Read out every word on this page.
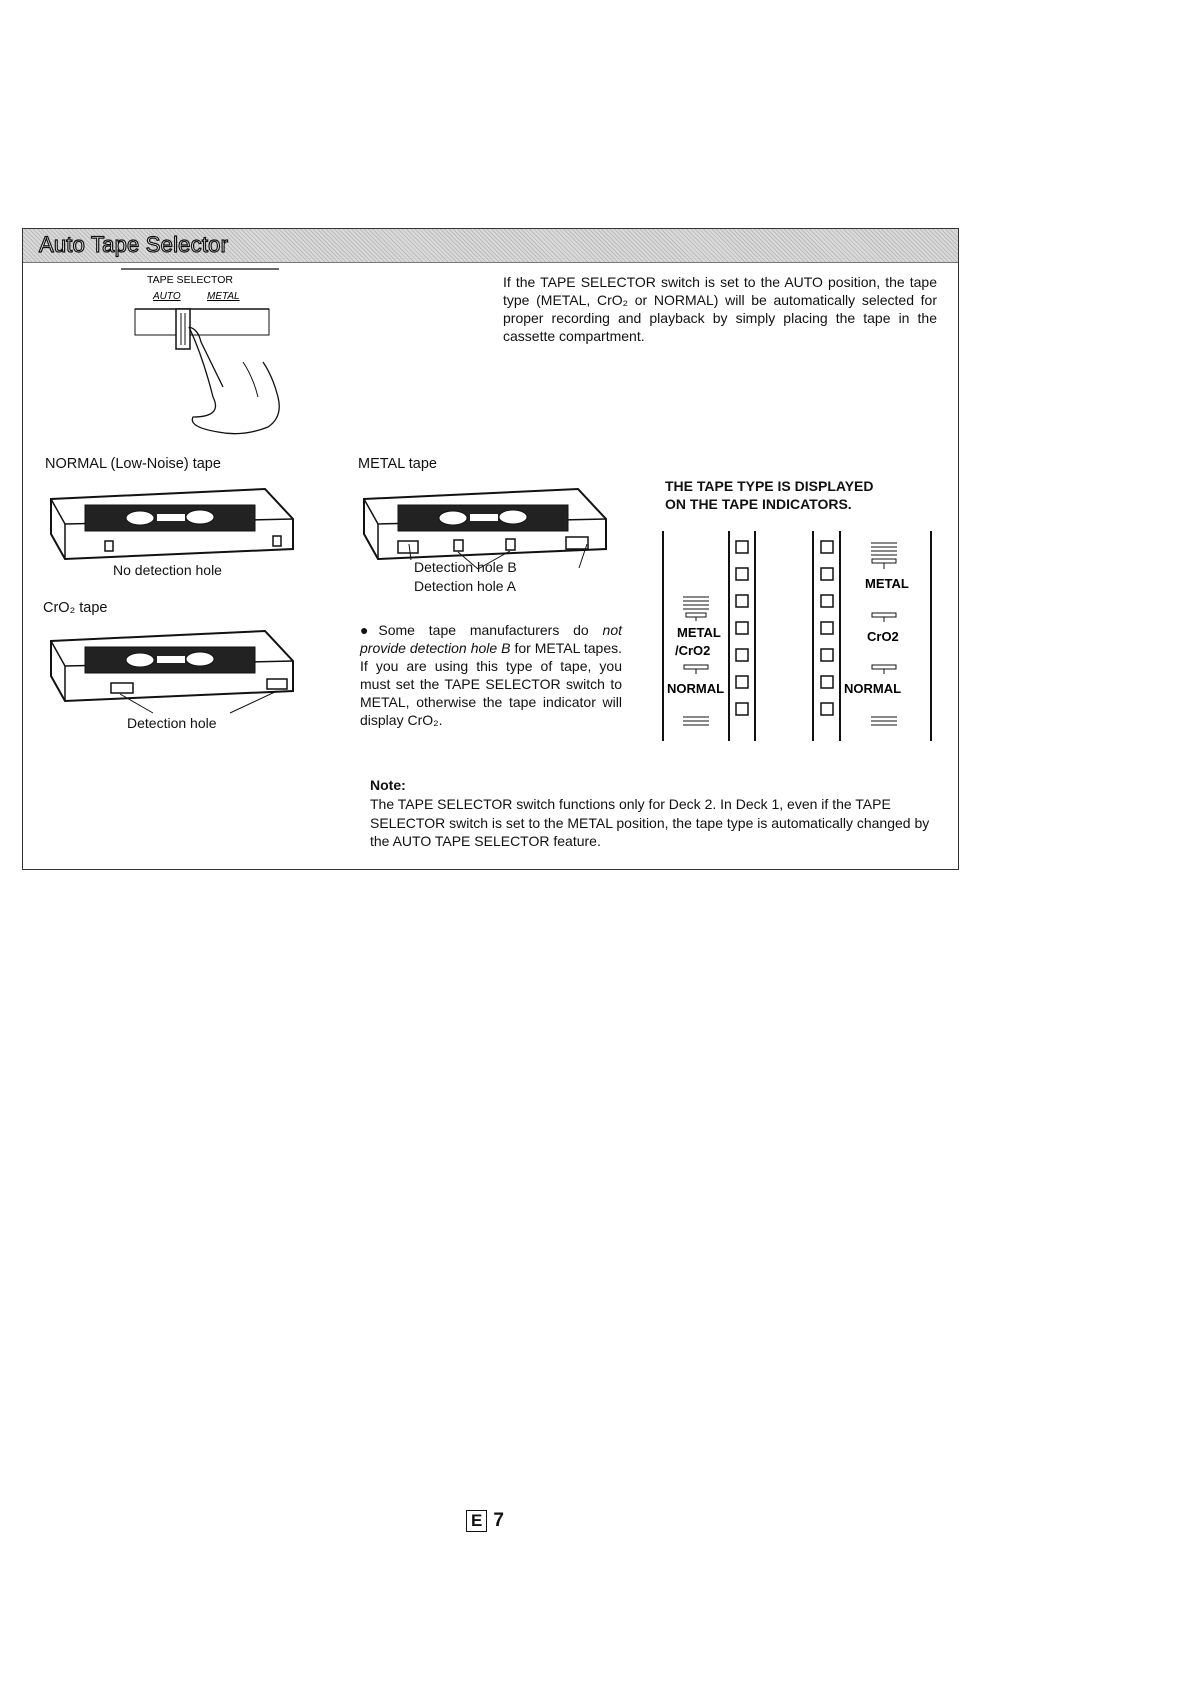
Auto Tape Selector
TAPE SELECTOR
AUTO	METAL
If the TAPE SELECTOR switch is set to the AUTO position, the tape type (METAL, CrO₂ or NORMAL) will be automatically selected for proper recording and playback by simply placing the tape in the cassette compartment.
NORMAL (Low-Noise) tape
No detection hole
CrO₂ tape
Detection hole
METAL tape
Detection hole B
Detection hole A
●Some tape manufacturers do not provide detection hole B for METAL tapes. If you are using this type of tape, you must set the TAPE SELECTOR switch to METAL, otherwise the tape indicator will display CrO₂.
THE TAPE TYPE IS DISPLAYED
ON THE TAPE INDICATORS.
METAL
/CrO2
NORMAL
METAL
CrO2
NORMAL
Note:
The TAPE SELECTOR switch functions only for Deck 2. In Deck 1, even if the TAPE SELECTOR switch is set to the METAL position, the tape type is automatically changed by the AUTO TAPE SELECTOR feature.
E 7
